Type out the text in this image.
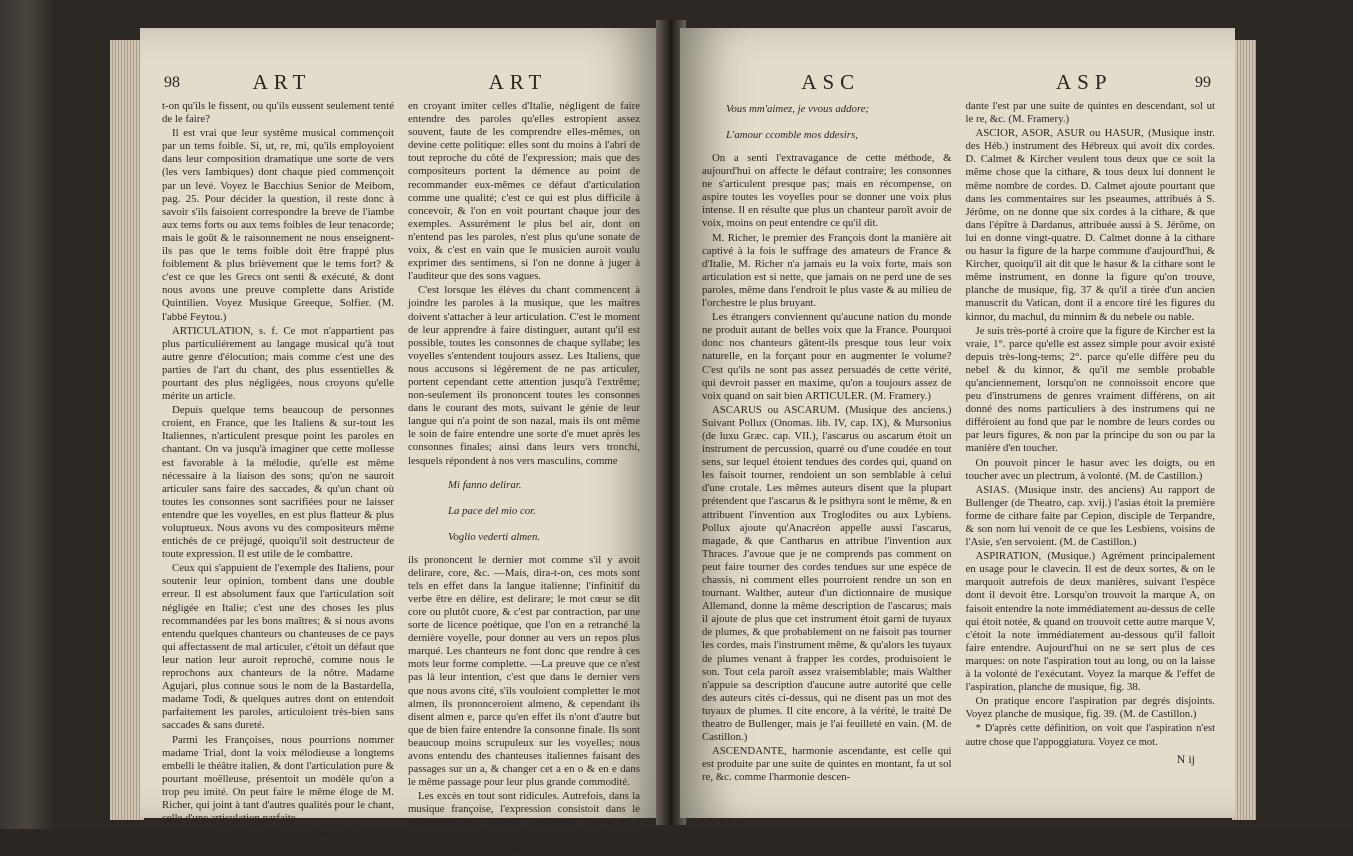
98	ART	ART

t-on qu'ils le fissent, ou qu'ils eussent seulement tenté de le faire?

Il est vrai que leur systême musical commençoit par un tems foible. Si, ut, re, mi, qu'ils employoient dans leur composition dramatique une sorte de vers (les vers Iambiques) dont chaque pied commençoit par un levé. Voyez le Bacchius Senior de Meibom, pag. 25. Pour décider la question, il reste donc à savoir s'ils faisoient correspondre la breve de l'iambe aux tems forts ou aux tems foibles de leur tenacorde; mais le goût & le raisonnement ne nous enseignent-ils pas que le tems foible doit être frappé plus foiblement & plus brièvement que le tems fort? & c'est ce que les Grecs ont senti & exécuté, & dont nous avons une preuve complette dans Aristide Quintilien. Voyez Musique Greeque, Solfier. (M. l'abbé Feytou.)

ARTICULATION, s. f. Ce mot n'appartient pas plus particuliérement au langage musical qu'à tout autre genre d'élocution; mais comme c'est une des parties de l'art du chant, des plus essentielles & pourtant des plus négligées, nous croyons qu'elle mérite un article.

Depuis quelque tems beaucoup de personnes croient, en France, que les Italiens & sur-tout les Italiennes, n'articulent presque point les paroles en chantant. On va jusqu'à imaginer que cette mollesse est favorable à la mélodie, qu'elle est même nécessaire à la liaison des sons; qu'on ne sauroit articuler sans faire des saccades, & qu'un chant où toutes les consonnes sont sacrifiées pour ne laisser entendre que les voyelles, en est plus flatteur & plus voluptueux. Nous avons vu des compositeurs même entichés de ce préjugé, quoiqu'il soit destructeur de toute expression. Il est utile de le combattre.

Ceux qui s'appuient de l'exemple des Italiens, pour soutenir leur opinion, tombent dans une double erreur. Il est absolument faux que l'articulation soit négligée en Italie; c'est une des choses les plus recommandées par les bons maîtres; & si nous avons entendu quelques chanteurs ou chanteuses de ce pays qui affectassent de mal articuler, c'étoit un défaut que leur nation leur auroit reproché, comme nous le reprochons aux chanteurs de la nôtre. Madame Agujari, plus connue sous le nom de la Bastardella, madame Todi, & quelques autres dont on entendoit parfaitement les paroles, articuloient très-bien sans saccades & sans dureté.

Parmi les Françoises, nous pourrions nommer madame Trial, dont la voix mélodieuse a longtems embelli le théâtre italien, & dont l'articulation pure & pourtant moëlleuse, présentoit un modèle qu'on a trop peu imité. On peut faire le même éloge de M. Richer, qui joint à tant d'autres qualités pour le chant, celle d'une articulation parfaite.

Que la plupart de nos chanteuses françoises,

en croyant imiter celles d'Italie, négligent de faire entendre des paroles qu'elles estropient assez souvent, faute de les comprendre elles-mêmes, on devine cette politique: elles sont du moins à l'abri de tout reproche du côté de l'expression; mais que des compositeurs portent la démence au point de recommander eux-mêmes ce défaut d'articulation comme une qualité; c'est ce qui est plus difficile à concevoir, & l'on en voit pourtant chaque jour des exemples. Assurément le plus bel air, dont on n'entend pas les paroles, n'est plus qu'une sonate de voix, & c'est en vain que le musicien auroit voulu exprimer des sentimens, si l'on ne donne à juger à l'auditeur que des sons vagues.

C'est lorsque les élèves du chant commencent à joindre les paroles à la musique, que les maîtres doivent s'attacher à leur articulation. C'est le moment de leur apprendre à faire distinguer, autant qu'il est possible, toutes les consonnes de chaque syllabe; les voyelles s'entendent toujours assez. Les Italiens, que nous accusons si légèrement de ne pas articuler, portent cependant cette attention jusqu'à l'extrême; non-seulement ils prononcent toutes les consonnes dans le courant des mots, suivant le génie de leur langue qui n'a point de son nazal, mais ils ont même le soin de faire entendre une sorte d'e muet après les consonnes finales; ainsi dans leurs vers tronchi, lesquels répondent à nos vers masculins, comme

Mi fanno delirar.
La pace del mio cor.
Voglio vederti almen.

ils prononcent le dernier mot comme s'il y avoit delirare, core, &c. —Mais, dira-t-on, ces mots sont tels en effet dans la langue italienne; l'infinitif du verbe être en délire, est delirare; le mot cœur se dit core ou plutôt cuore, & c'est par contraction, par une sorte de licence poétique, que l'on en a retranché la dernière voyelle, pour donner au vers un repos plus marqué. Les chanteurs ne font donc que rendre à ces mots leur forme complette. —La preuve que ce n'est pas là leur intention, c'est que dans le dernier vers que nous avons cité, s'ils vouloient completter le mot almen, ils prononceroient almeno, & cependant ils disent almen e, parce qu'en effet ils n'ont d'autre but que de bien faire entendre la consonne finale. Ils sont beaucoup moins scrupuleux sur les voyelles; nous avons entendu des chanteuses italiennes faisant des passages sur un a, & changer cet a en o & en e dans le même passage pour leur plus grande commodité.

Les excès en tout sont ridicules. Autrefois, dans la musique françoise, l'expression consistoit dans le doublement de quelques consonnes. Les maîtres avoient même grand soin de les marquer, & l'on étoit un chanteur excellent quand on avoit dit:

ASC	ASP	99
Vous mm'aimez, je vvous addore;
L'amour ccomble mos ddesirs,

On a senti l'extravagance de cette méthode, & aujourd'hui on affecte le défaut contraire; les consonnes ne s'articulent presque pas; mais en récompense, on aspire toutes les voyelles pour se donner une voix plus intense. Il en résulte que plus un chanteur paroît avoir de voix, moins on peut entendre ce qu'il dit.

M. Richer, le premier des François dont la manière ait captivé à la fois le suffrage des amateurs de France & d'Italie, M. Richer n'a jamais eu la voix forte, mais son articulation est si nette, que jamais on ne perd une de ses paroles, même dans l'endroit le plus vaste & au milieu de l'orchestre le plus bruyant.

Les étrangers conviennent qu'aucune nation du monde ne produit autant de belles voix que la France. Pourquoi donc nos chanteurs gâtent-ils presque tous leur voix naturelle, en la forçant pour en augmenter le volume? C'est qu'ils ne sont pas assez persuadés de cette vérité, qui devroit passer en maxime, qu'on a toujours assez de voix quand on sait bien ARTICULER. (M. Framery.)

ASCARUS ou ASCARUM. (Musique des anciens.) Suivant Pollux (Onomas. lib. IV, cap. IX), & Mursonius (de luxu Græc. cap. VII.), l'ascarus ou ascarum étoit un instrument de percussion, quarré ou d'une coudée en tout sens, sur lequel étoient tendues des cordes qui, quand on les faisoit tourner, rendoient un son semblable à celui d'une crotale. Les mêmes auteurs disent que la plupart prétendent que l'ascarus & le psithyra sont le même, & en attribuent l'invention aux Troglodites ou aux Lybiens. Pollux ajoute qu'Anacréon appelle aussi l'ascarus, magade, & que Cantharus en attribue l'invention aux Thraces. J'avoue que je ne comprends pas comment on peut faire tourner des cordes tendues sur une espèce de chassis, ni comment elles pourroient rendre un son en tournant. Walther, auteur d'un dictionnaire de musique Allemand, donne la même description de l'ascarus; mais il ajoute de plus que cet instrument étoit garni de tuyaux de plumes, & que probablement on ne faisoit pas tourner les cordes, mais l'instrument même, & qu'alors les tuyaux de plumes venant à frapper les cordes, produisoient le son. Tout cela paroît assez vraisemblable; mais Walther n'appuie sa description d'aucune autre autorité que celle des auteurs cités ci-dessus, qui ne disent pas un mot des tuyaux de plumes. Il cite encore, à la vérité, le traité De theatro de Bullenger, mais je l'ai feuilleté en vain. (M. de Castillon.)

ASCENDANTE, harmonie ascendante, est celle qui est produite par une suite de quintes en montant, fa ut sol re, &c. comme l'harmonie descen-

dante l'est par une suite de quintes en descendant, sol ut le re, &c. (M. Framery.)

ASCIOR, ASOR, ASUR ou HASUR, (Musique instr. des Héb.) instrument des Hébreux qui avoit dix cordes. D. Calmet & Kircher veulent tous deux que ce soit la même chose que la cithare, & tous deux lui donnent le même nombre de cordes. D. Calmet ajoute pourtant que dans les commentaires sur les pseaumes, attribués à S. Jérôme, on ne donne que six cordes à la cithare, & que dans l'épître à Dardanus, attribuée aussi à S. Jérôme, on lui en donne vingt-quatre. D. Calmet donne à la cithare ou hasur la figure de la harpe commune d'aujourd'hui, & Kircher, quoiqu'il ait dit que le hasur & la cithare sont le même instrument, en donne la figure qu'on trouve, planche de musique, fig. 37 & qu'il a tirée d'un ancien manuscrit du Vatican, dont il a encore tiré les figures du kinnor, du machul, du minnim & du nebele ou nable.

Je suis très-porté à croire que la figure de Kircher est la vraie, 1°. parce qu'elle est assez simple pour avoir existé depuis très-long-tems; 2°. parce qu'elle diffère peu du nebel & du kinnor, & qu'il me semble probable qu'anciennement, lorsqu'on ne connoissoit encore que peu d'instrumens de genres vraiment différens, on ait donné des noms particuliers à des instrumens qui ne différoient au fond que par le nombre de leurs cordes ou par leurs figures, & non par la principe du son ou par la manière d'en toucher.

On pouvoit pincer le hasur avec les doigts, ou en toucher avec un plectrum, à volonté. (M. de Castillon.)

ASIAS. (Musique instr. des anciens) Au rapport de Bullenger (de Theatro, cap. xvij.) l'asias étoit la première forme de cithare faite par Cepion, disciple de Terpandre, & son nom lui venoit de ce que les Lesbiens, voisins de l'Asie, s'en servoient. (M. de Castillon.)

ASPIRATION, (Musique.) Agrément principalement en usage pour le clavecin. Il est de deux sortes, & on le marquoit autrefois de deux manières, suivant l'espèce dont il devoit être. Lorsqu'on trouvoit la marque A, on faisoit entendre la note immédiatement au-dessus de celle qui étoit notée, & quand on trouvoit cette autre marque V, c'étoit la note immédiatement au-dessous qu'il falloit faire entendre. Aujourd'hui on ne se sert plus de ces marques: on note l'aspiration tout au long, ou on la laisse à la volonté de l'exécutant. Voyez la marque & l'effet de l'aspiration, planche de musique, fig. 38.

On pratique encore l'aspiration par degrés disjoints. Voyez planche de musique, fig. 39. (M. de Castillon.)

* D'après cette définition, on voit que l'aspiration n'est autre chose que l'appoggiatura. Voyez ce mot.

N ij
